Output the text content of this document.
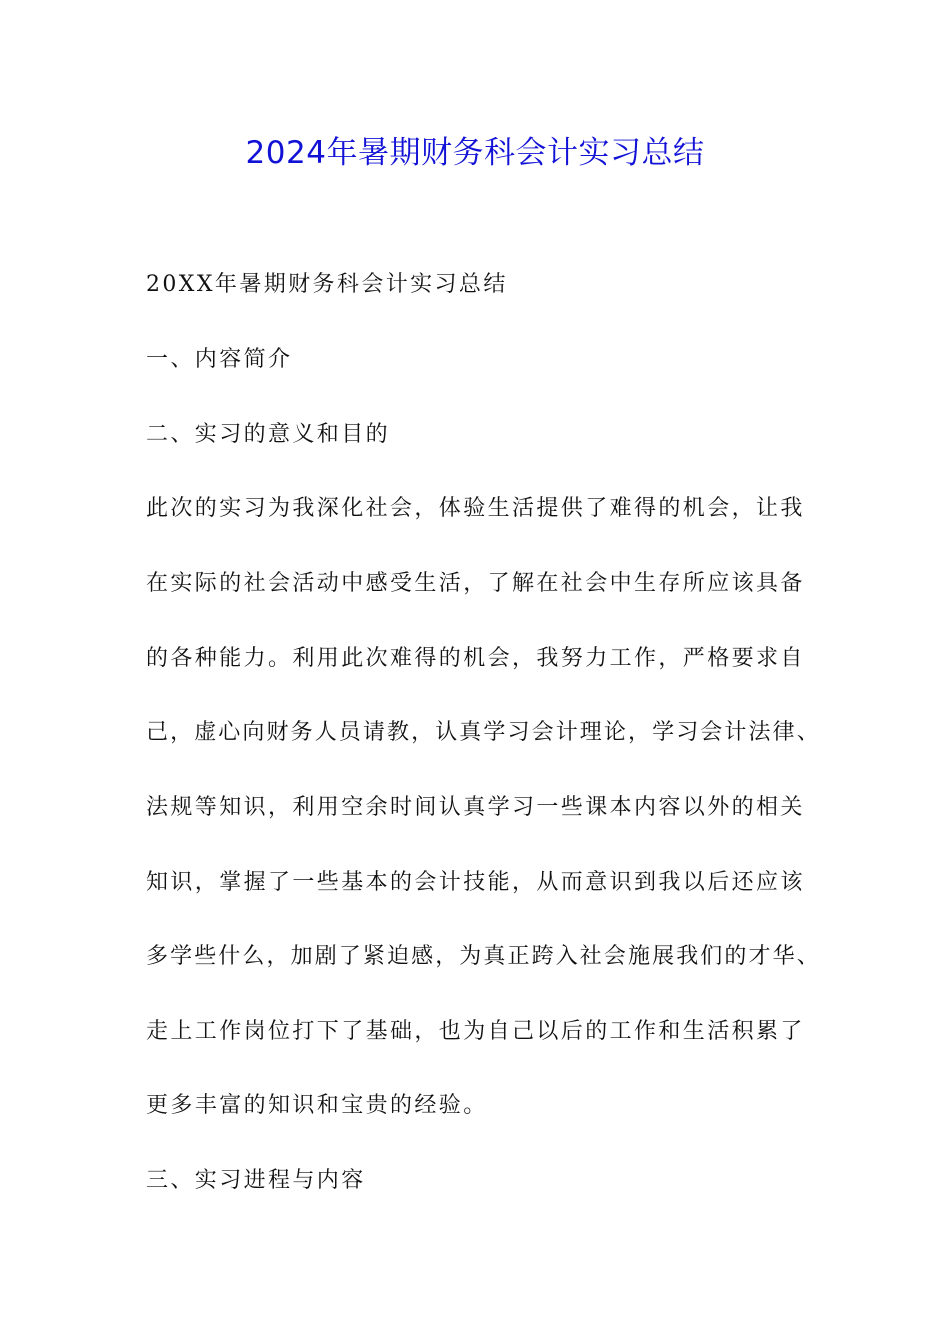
2024年暑期财务科会计实习总结
20XX年暑期财务科会计实习总结
一、内容简介
二、实习的意义和目的
此次的实习为我深化社会，体验生活提供了难得的机会，让我
在实际的社会活动中感受生活，了解在社会中生存所应该具备
的各种能力。利用此次难得的机会，我努力工作，严格要求自
己，虚心向财务人员请教，认真学习会计理论，学习会计法律、
法规等知识，利用空余时间认真学习一些课本内容以外的相关
知识，掌握了一些基本的会计技能，从而意识到我以后还应该
多学些什么，加剧了紧迫感，为真正跨入社会施展我们的才华、
走上工作岗位打下了基础，也为自己以后的工作和生活积累了
更多丰富的知识和宝贵的经验。
三、实习进程与内容
